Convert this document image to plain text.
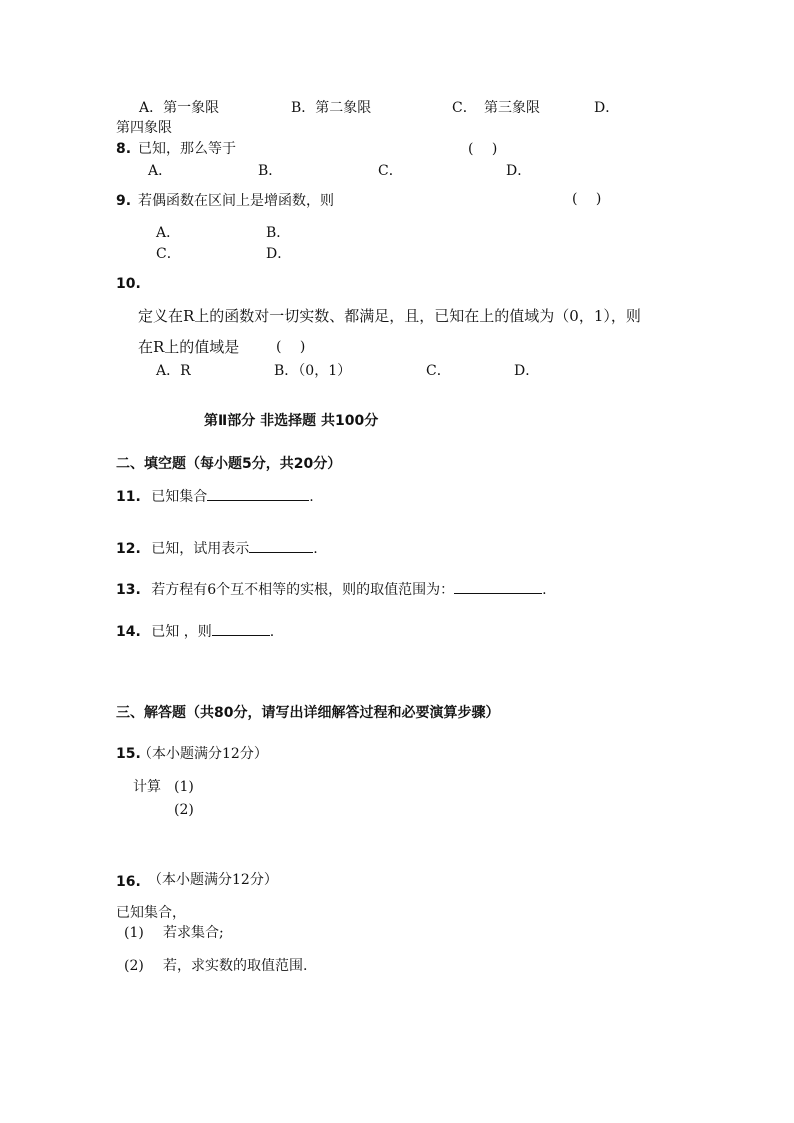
A．第一象限	B．第二象限	C． 第三象限	D．
第四象限
8. 已知，那么等于	(　 )
A．	B．	C．	D．
9. 若偶函数在区间上是增函数，则	(　 )
A．	B．
C．	D．
10.
定义在R上的函数对一切实数、都满足，且，已知在上的值域为（0，1），则
在R上的值域是	(　 )
A．R	B．（0，1）	C．	D．
第Ⅱ部分 非选择题 共100分
二、填空题（每小题5分，共20分）
11. 已知集合	.
12. 已知，试用表示	.
13. 若方程有6个互不相等的实根，则的取值范围为：	.
14. 已知 ，则	.
三、解答题（共80分，请写出详细解答过程和必要演算步骤）
15.
（本小题满分12分）
计算 (1)
(2)
16. （本小题满分12分）
已知集合，
(1) 若求集合;
(2) 若，求实数的取值范围.
